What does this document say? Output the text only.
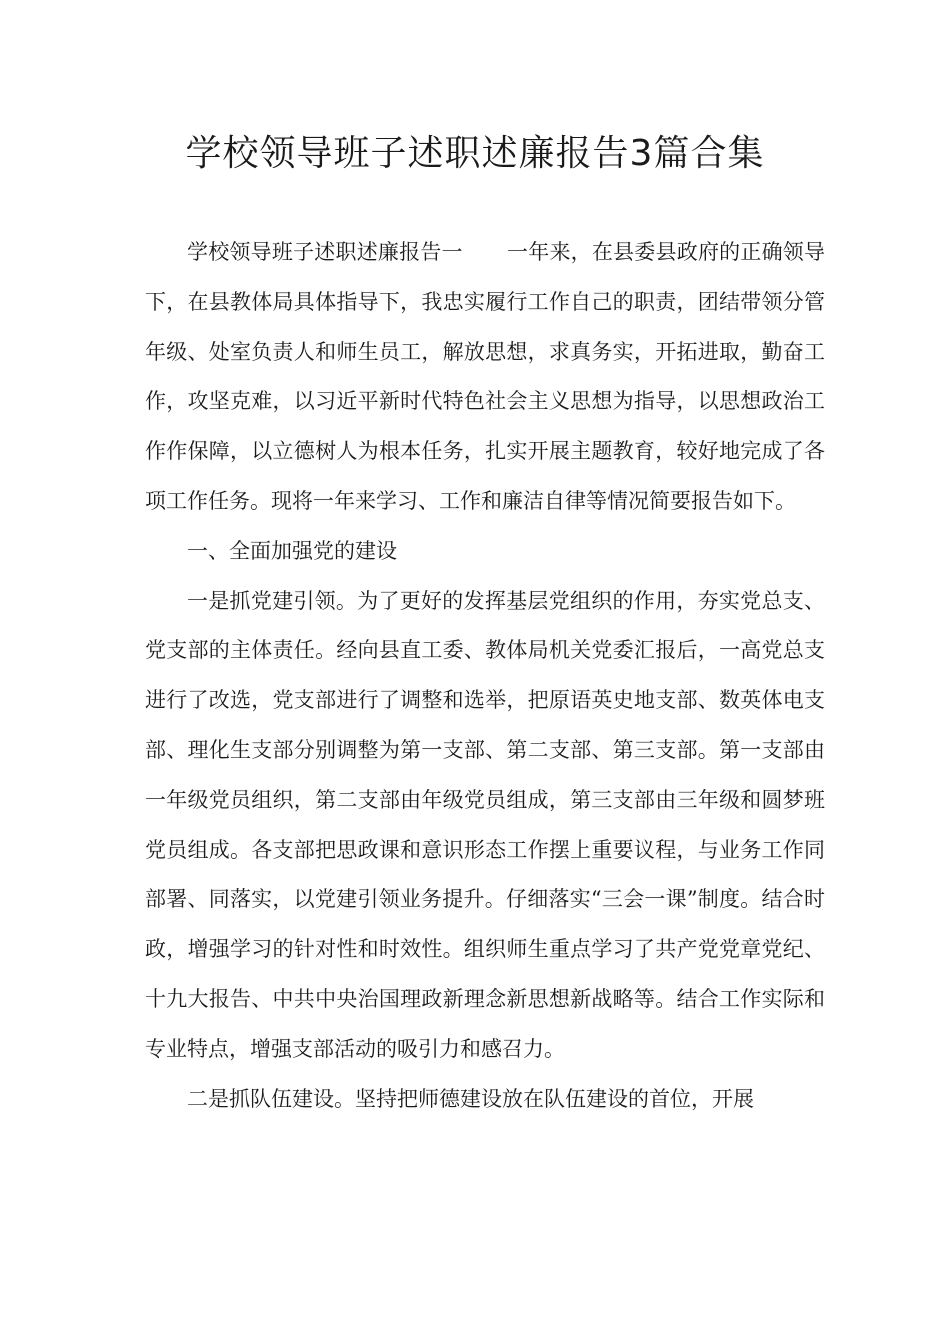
学校领导班子述职述廉报告3篇合集

学校领导班子述职述廉报告一 一年来，在县委县政府的正确领导下，在县教体局具体指导下，我忠实履行工作自己的职责，团结带领分管年级、处室负责人和师生员工，解放思想，求真务实，开拓进取，勤奋工作，攻坚克难，以习近平新时代特色社会主义思想为指导，以思想政治工作作保障，以立德树人为根本任务，扎实开展主题教育，较好地完成了各项工作任务。现将一年来学习、工作和廉洁自律等情况简要报告如下。

一、全面加强党的建设

一是抓党建引领。为了更好的发挥基层党组织的作用，夯实党总支、党支部的主体责任。经向县直工委、教体局机关党委汇报后，一高党总支进行了改选，党支部进行了调整和选举，把原语英史地支部、数英体电支部、理化生支部分别调整为第一支部、第二支部、第三支部。第一支部由一年级党员组织，第二支部由年级党员组成，第三支部由三年级和圆梦班党员组成。各支部把思政课和意识形态工作摆上重要议程，与业务工作同部署、同落实，以党建引领业务提升。仔细落实“三会一课”制度。结合时政，增强学习的针对性和时效性。组织师生重点学习了共产党党章党纪、十九大报告、中共中央治国理政新理念新思想新战略等。结合工作实际和专业特点，增强支部活动的吸引力和感召力。

二是抓队伍建设。坚持把师德建设放在队伍建设的首位，开展
